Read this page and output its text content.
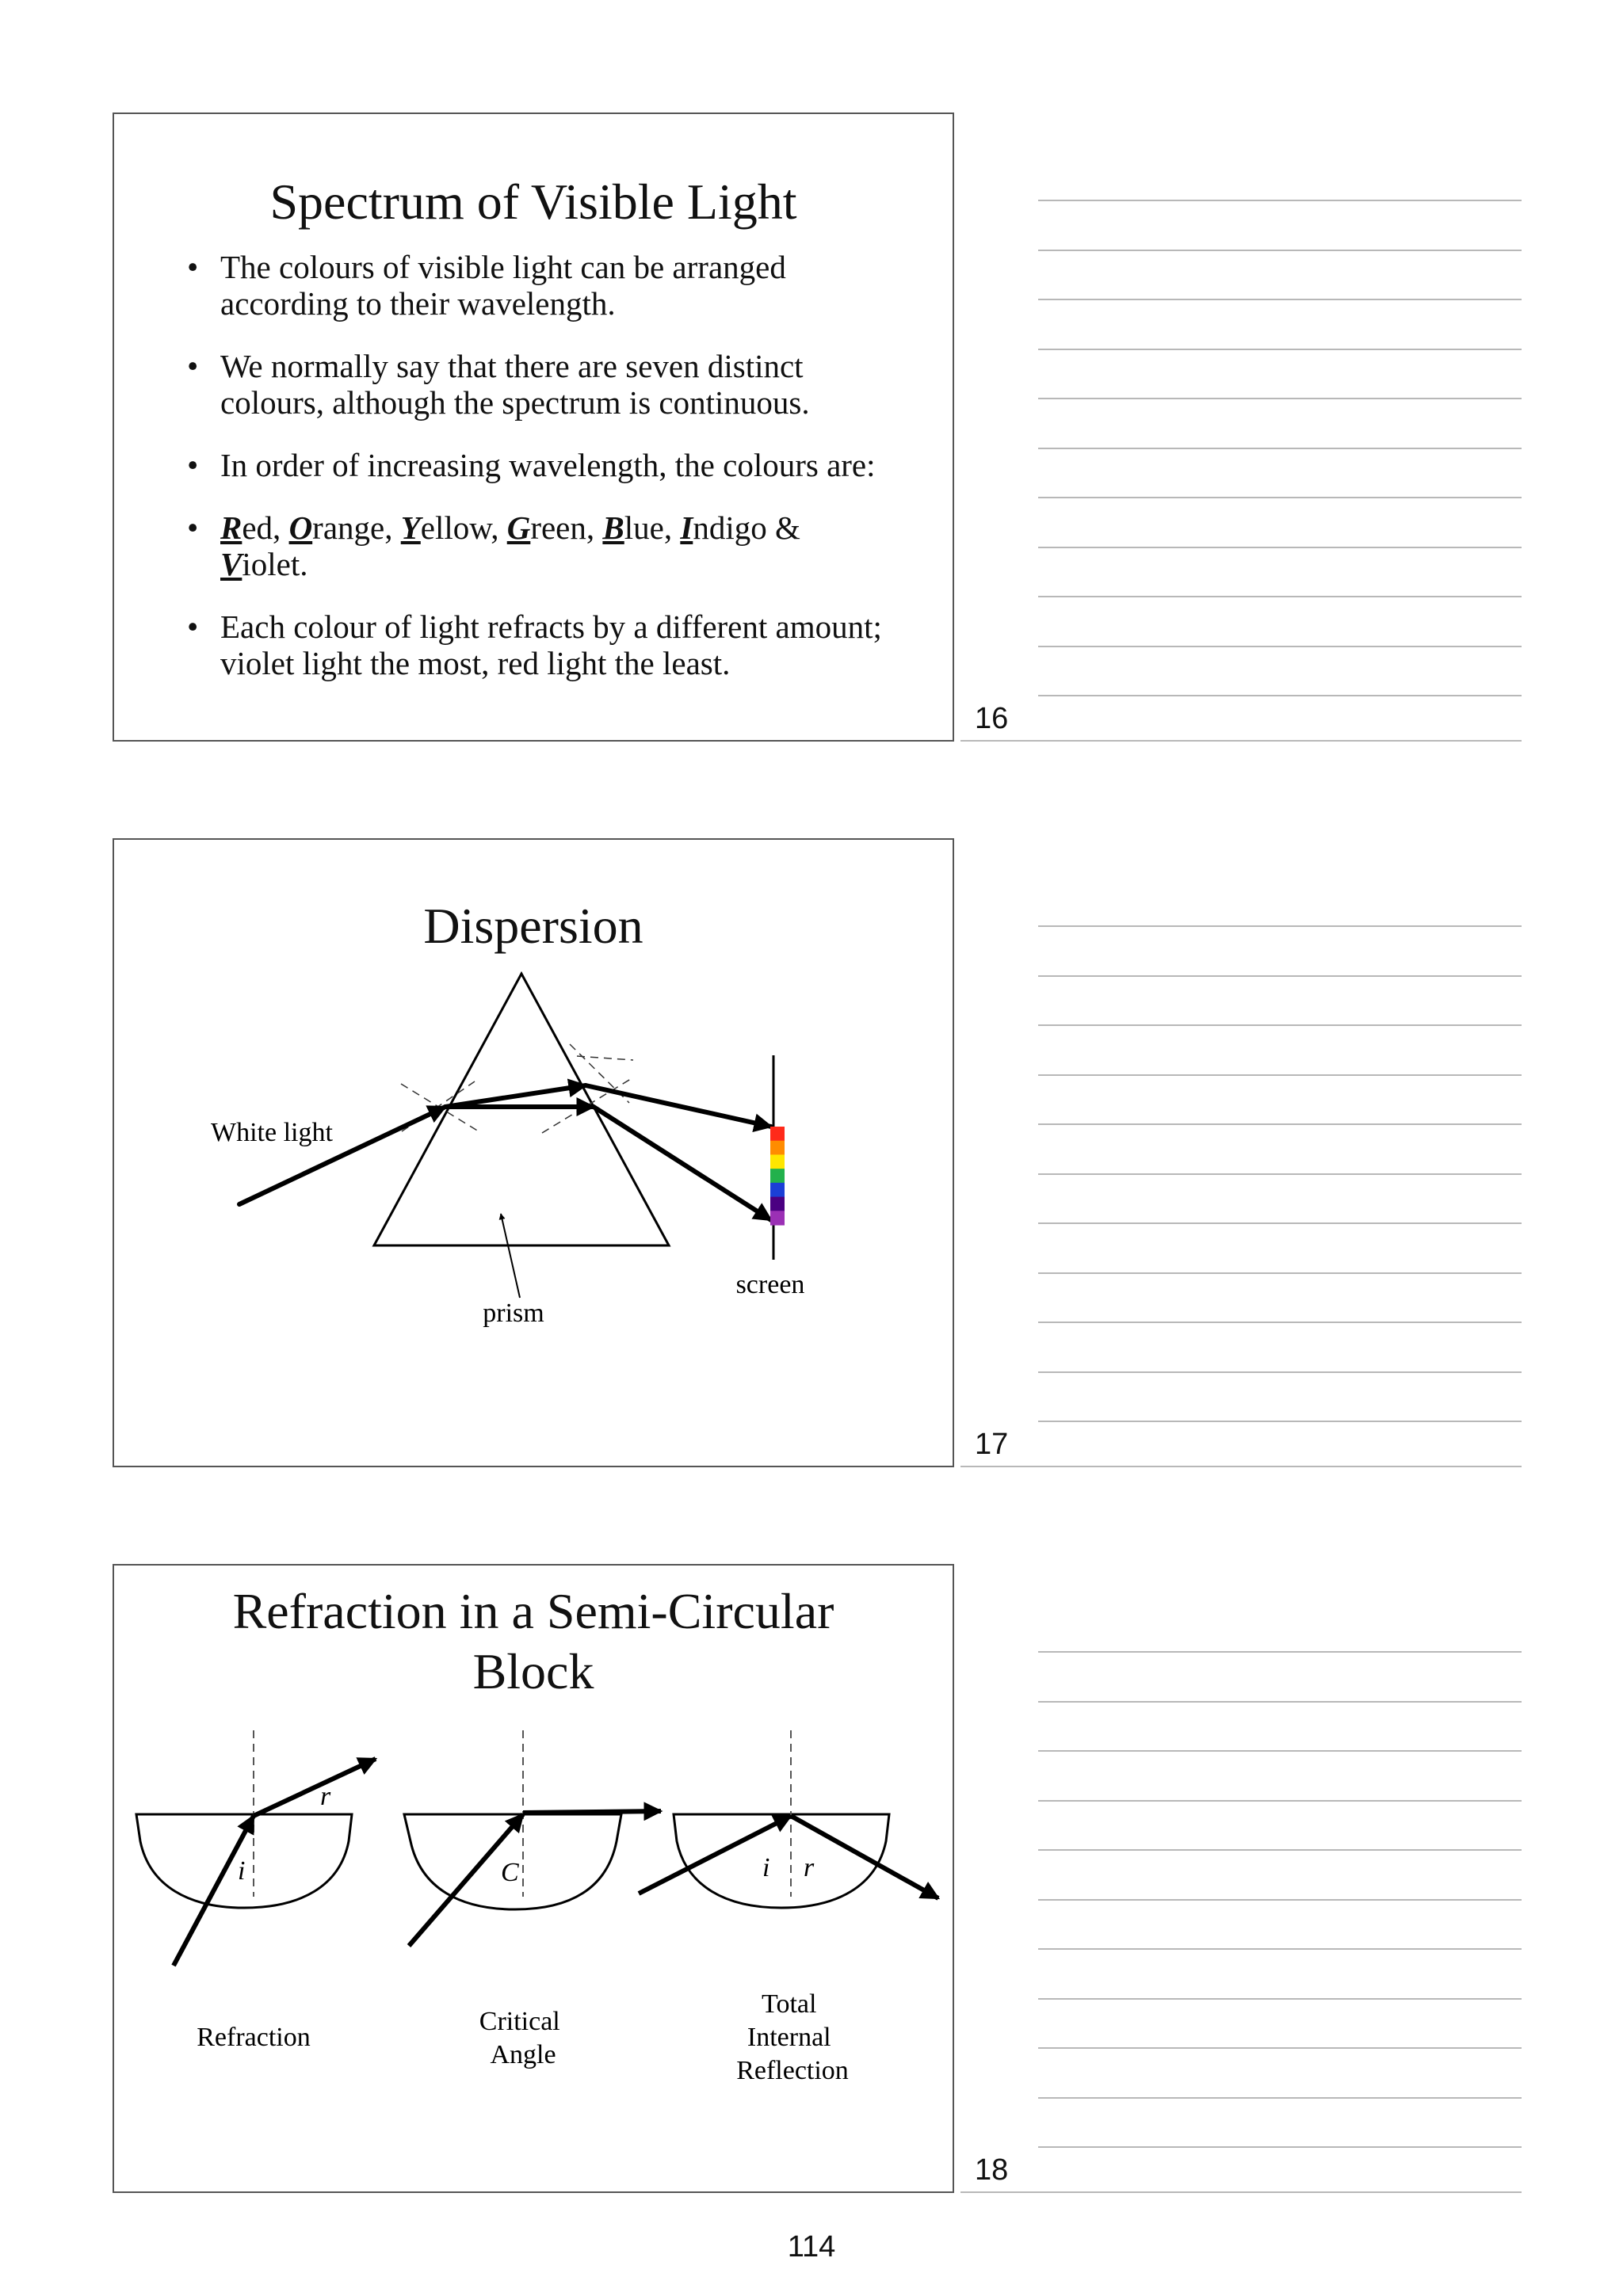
Spectrum of Visible Light
• The colours of visible light can be arranged according to their wavelength.
• We normally say that there are seven distinct colours, although the spectrum is continuous.
• In order of increasing wavelength, the colours are:
• Red, Orange, Yellow, Green, Blue, Indigo & Violet.
• Each colour of light refracts by a different amount; violet light the most, red light the least.
16
Dispersion
White light
prism
screen
17
Refraction in a Semi-Circular
Block
i
r
Refraction
C
Critical Angle
i r
Total Internal Reflection
18
114
